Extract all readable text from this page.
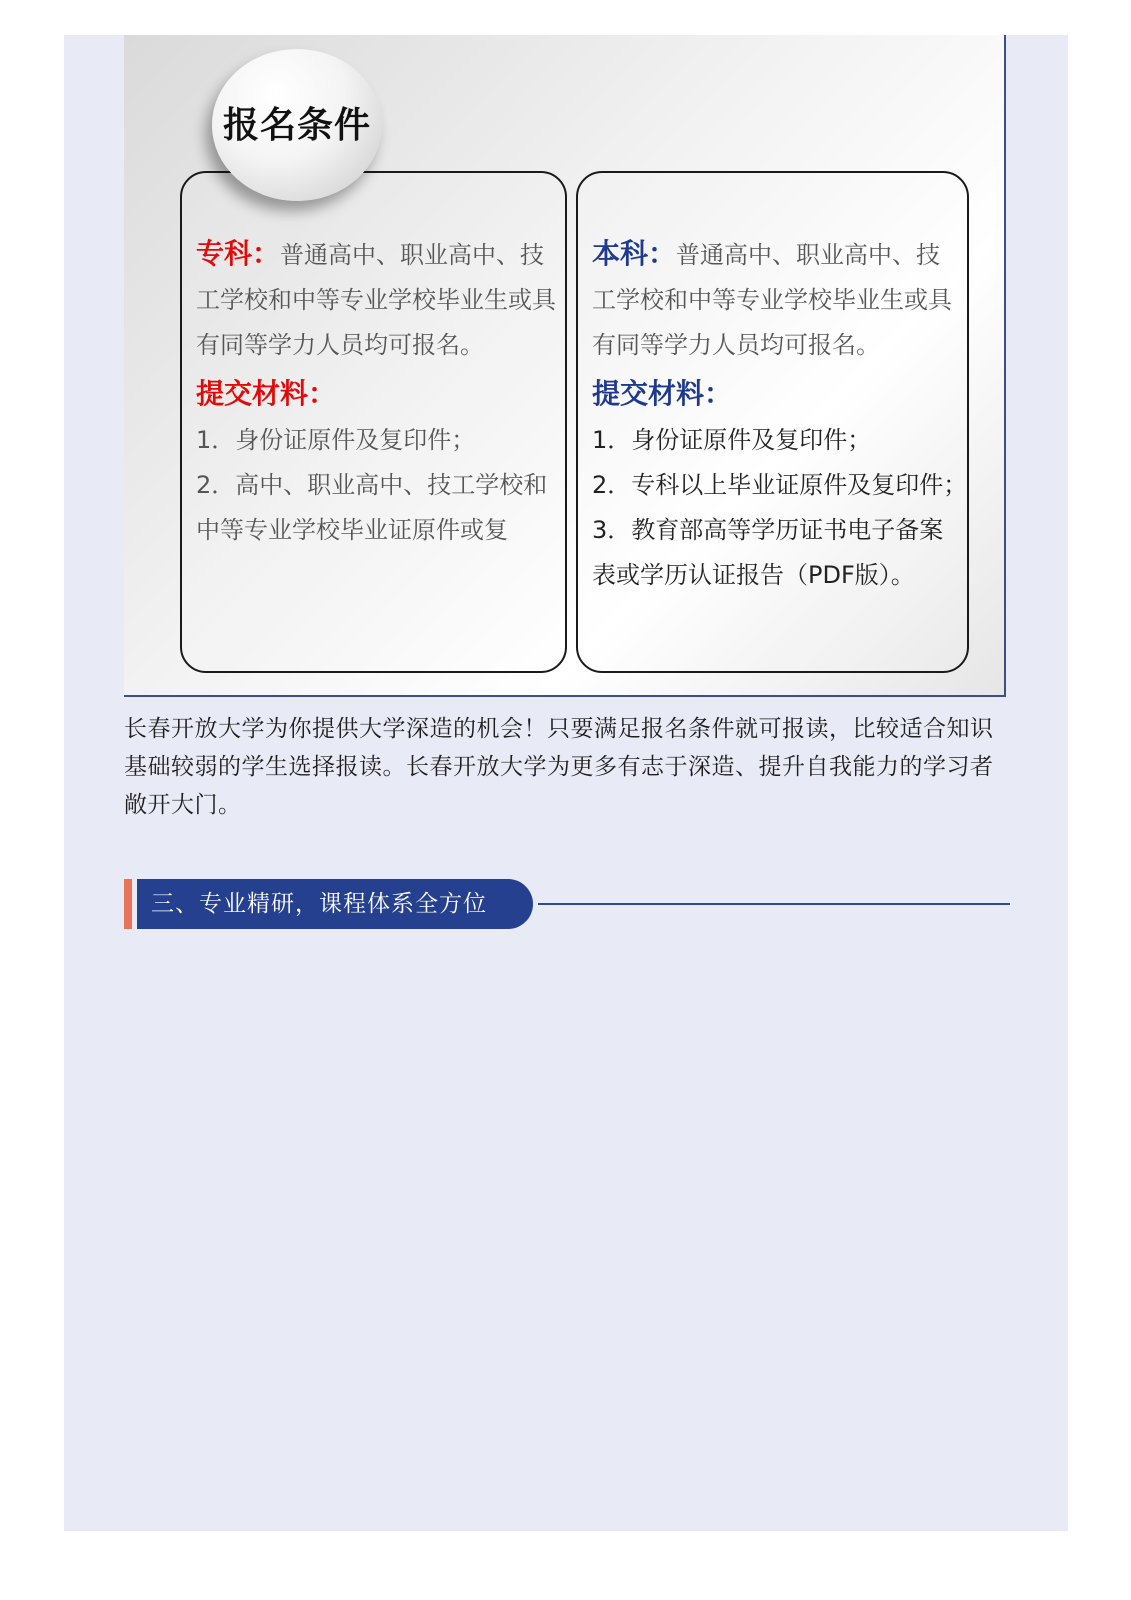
专科：普通高中、职业高中、技工学校和中等专业学校毕业生或具有同等学力人员均可报名。
提交材料：
1．身份证原件及复印件；
2．高中、职业高中、技工学校和中等专业学校毕业证原件或复
本科：普通高中、职业高中、技工学校和中等专业学校毕业生或具有同等学力人员均可报名。
提交材料：
1．身份证原件及复印件；
2．专科以上毕业证原件及复印件；
3．教育部高等学历证书电子备案表或学历认证报告（PDF版）。
报名条件
长春开放大学为你提供大学深造的机会！只要满足报名条件就可报读，比较适合知识基础较弱的学生选择报读。长春开放大学为更多有志于深造、提升自我能力的学习者敞开大门。
三、专业精研，课程体系全方位
